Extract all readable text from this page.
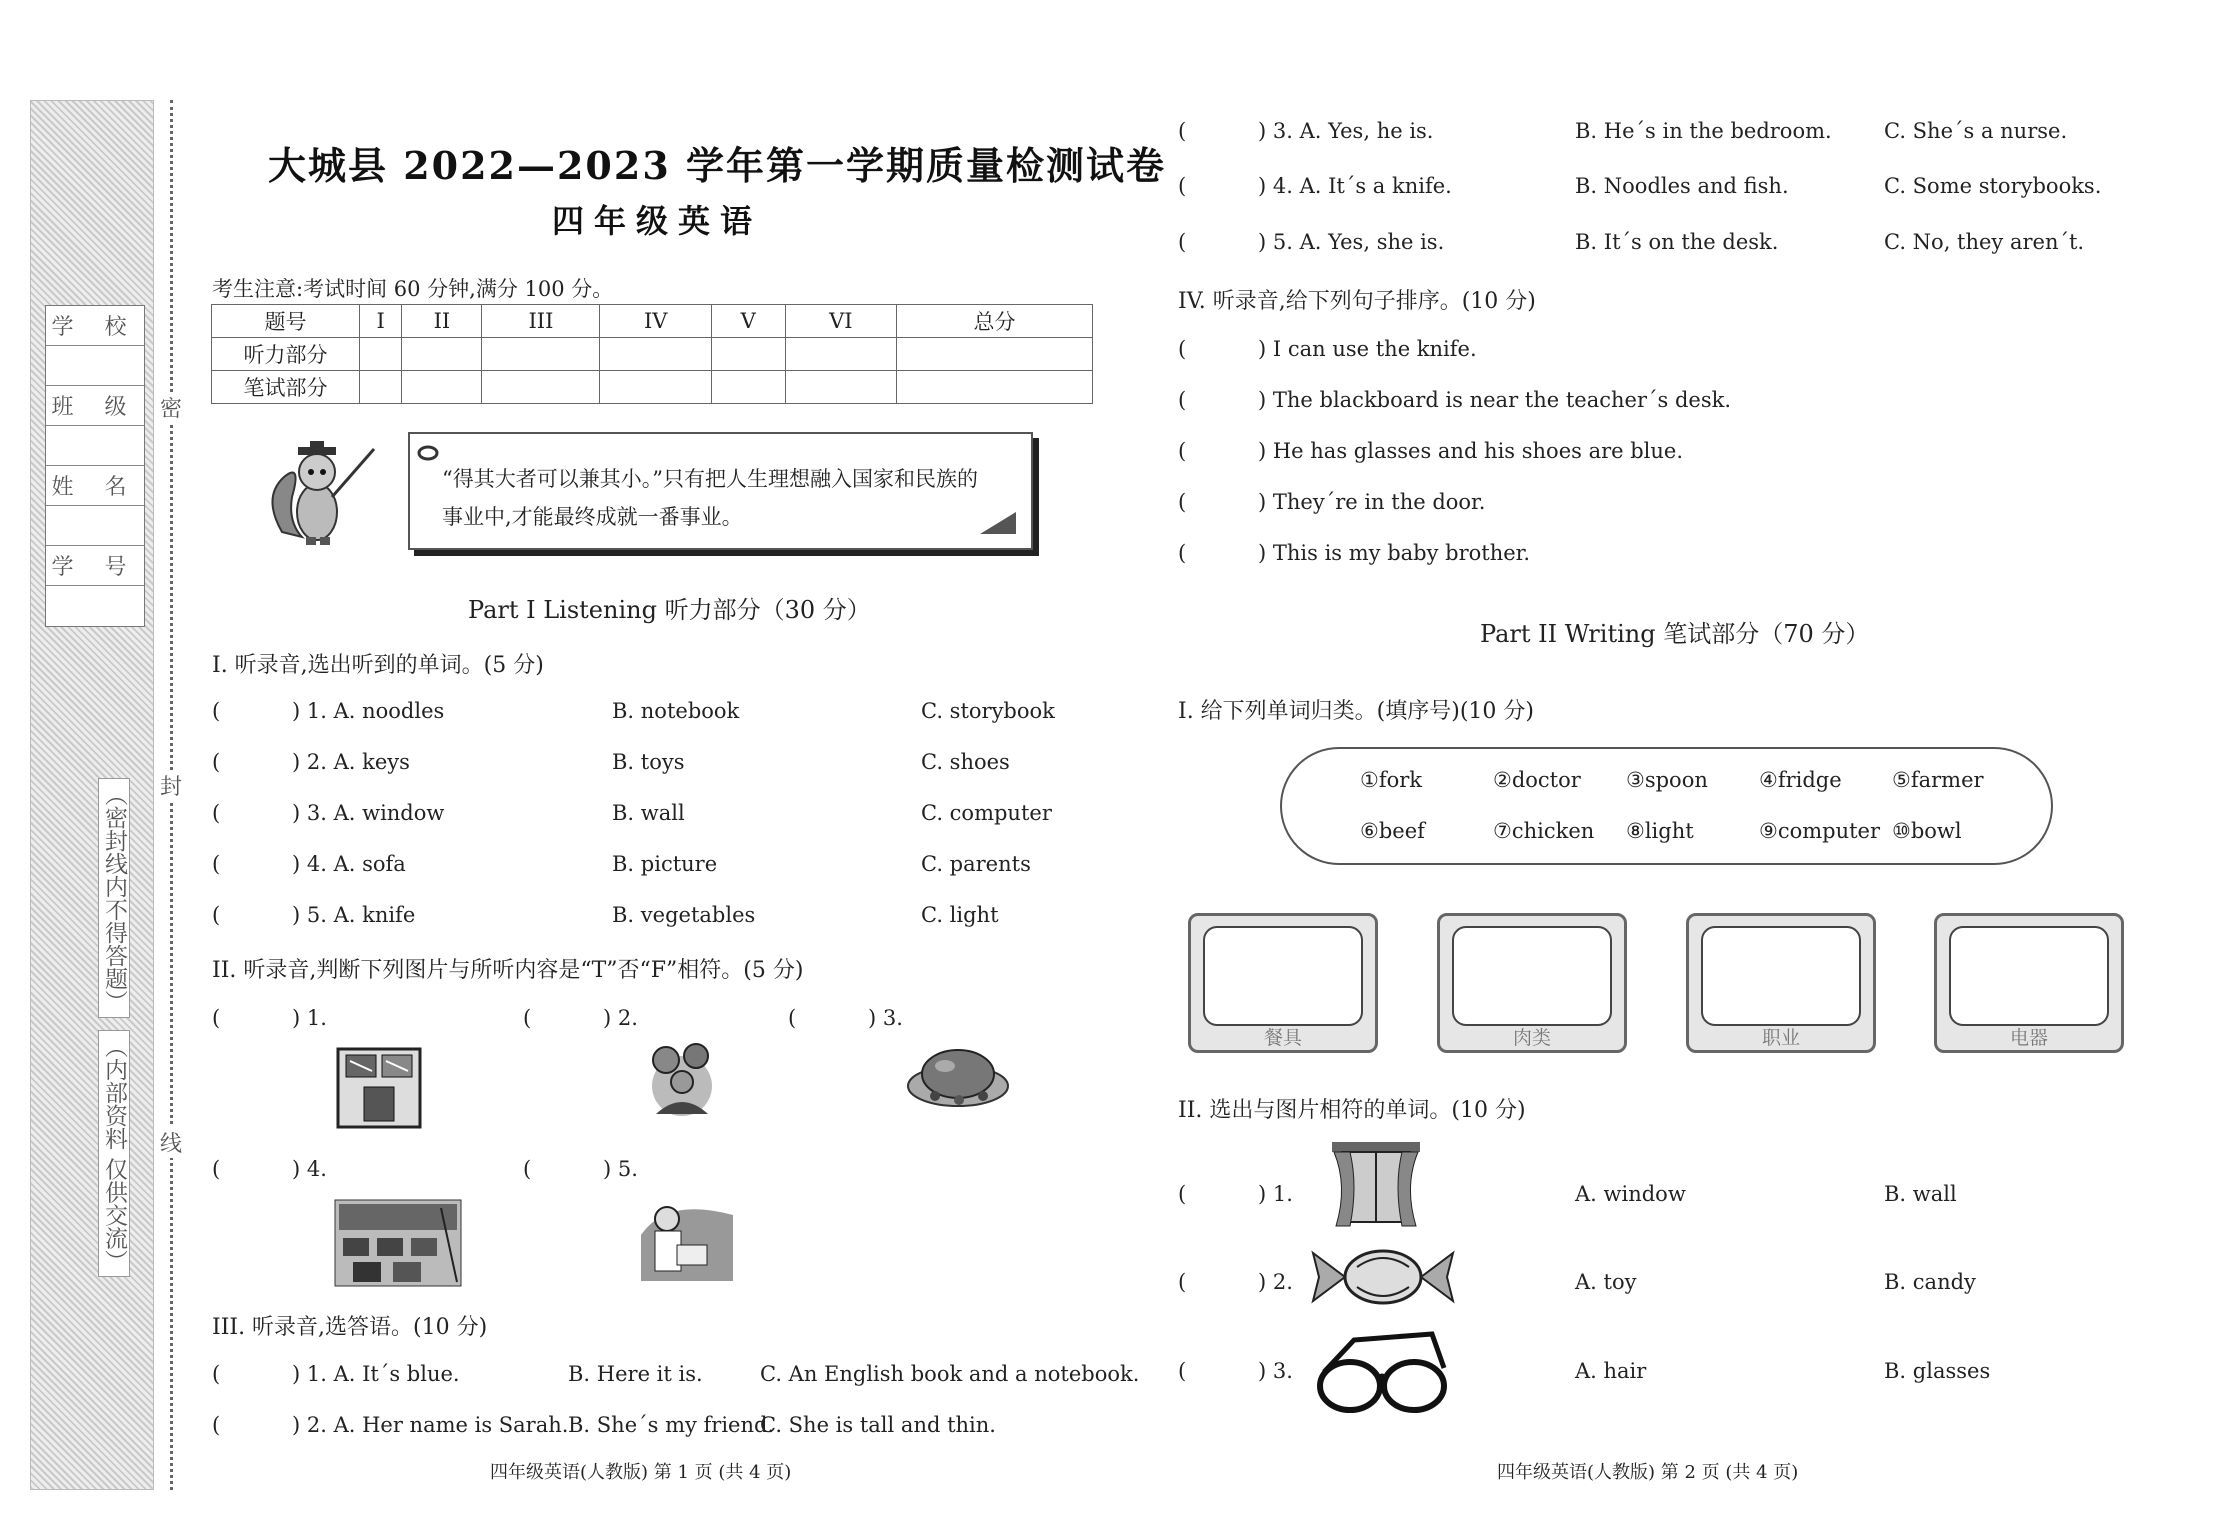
学 校
班 级
姓 名
学 号
（密封线内不得答题）
（内部资料 仅供交流）
密
封
线
大城县 2022—2023 学年第一学期质量检测试卷
四年级英语
考生注意:考试时间 60 分钟,满分 100 分。
题号	I	II	III	IV	V	VI	总分
听力部分							
笔试部分							
“得其大者可以兼其小。”只有把人生理想融入国家和民族的
事业中,才能最终成就一番事业。
Part I Listening 听力部分（30 分）
I. 听录音,选出听到的单词。(5 分)
(	) 1. A. noodles	B. notebook	C. storybook
(	) 2. A. keys	B. toys	C. shoes
(	) 3. A. window	B. wall	C. computer
(	) 4. A. sofa	B. picture	C. parents
(	) 5. A. knife	B. vegetables	C. light
II. 听录音,判断下列图片与所听内容是“T”否“F”相符。(5 分)
(	) 1.	(	) 2.	(	) 3.
(	) 4.	(	) 5.
III. 听录音,选答语。(10 分)
(	) 1. A. It´s blue.	B. Here it is.	C. An English book and a notebook.
(	) 2. A. Her name is Sarah. B. She´s my friend.
C. She is tall and thin.
四年级英语(人教版) 第 1 页 (共 4 页)
(	) 3. A. Yes, he is.	B. He´s in the bedroom. C. She´s a nurse.
(	) 4. A. It´s a knife.	B. Noodles and fish.	C. Some storybooks.
(	) 5. A. Yes, she is.	B. It´s on the desk.	C. No, they aren´t.
IV. 听录音,给下列句子排序。(10 分)
(	) I can use the knife.
(	) The blackboard is near the teacher´s desk.
(	) He has glasses and his shoes are blue.
(	) They´re in the door.
(	) This is my baby brother.
Part II Writing 笔试部分（70 分）
I. 给下列单词归类。(填序号)(10 分)
①fork	②doctor ③spoon ④fridge ⑤farmer
⑥beef	⑦chicken ⑧light	⑨computer ⑩bowl
餐具	肉类	职业	电器
II. 选出与图片相符的单词。(10 分)
(	) 1.	A. window	B. wall
(	) 2.	A. toy	B. candy
(	) 3.	A. hair	B. glasses
四年级英语(人教版) 第 2 页 (共 4 页)
